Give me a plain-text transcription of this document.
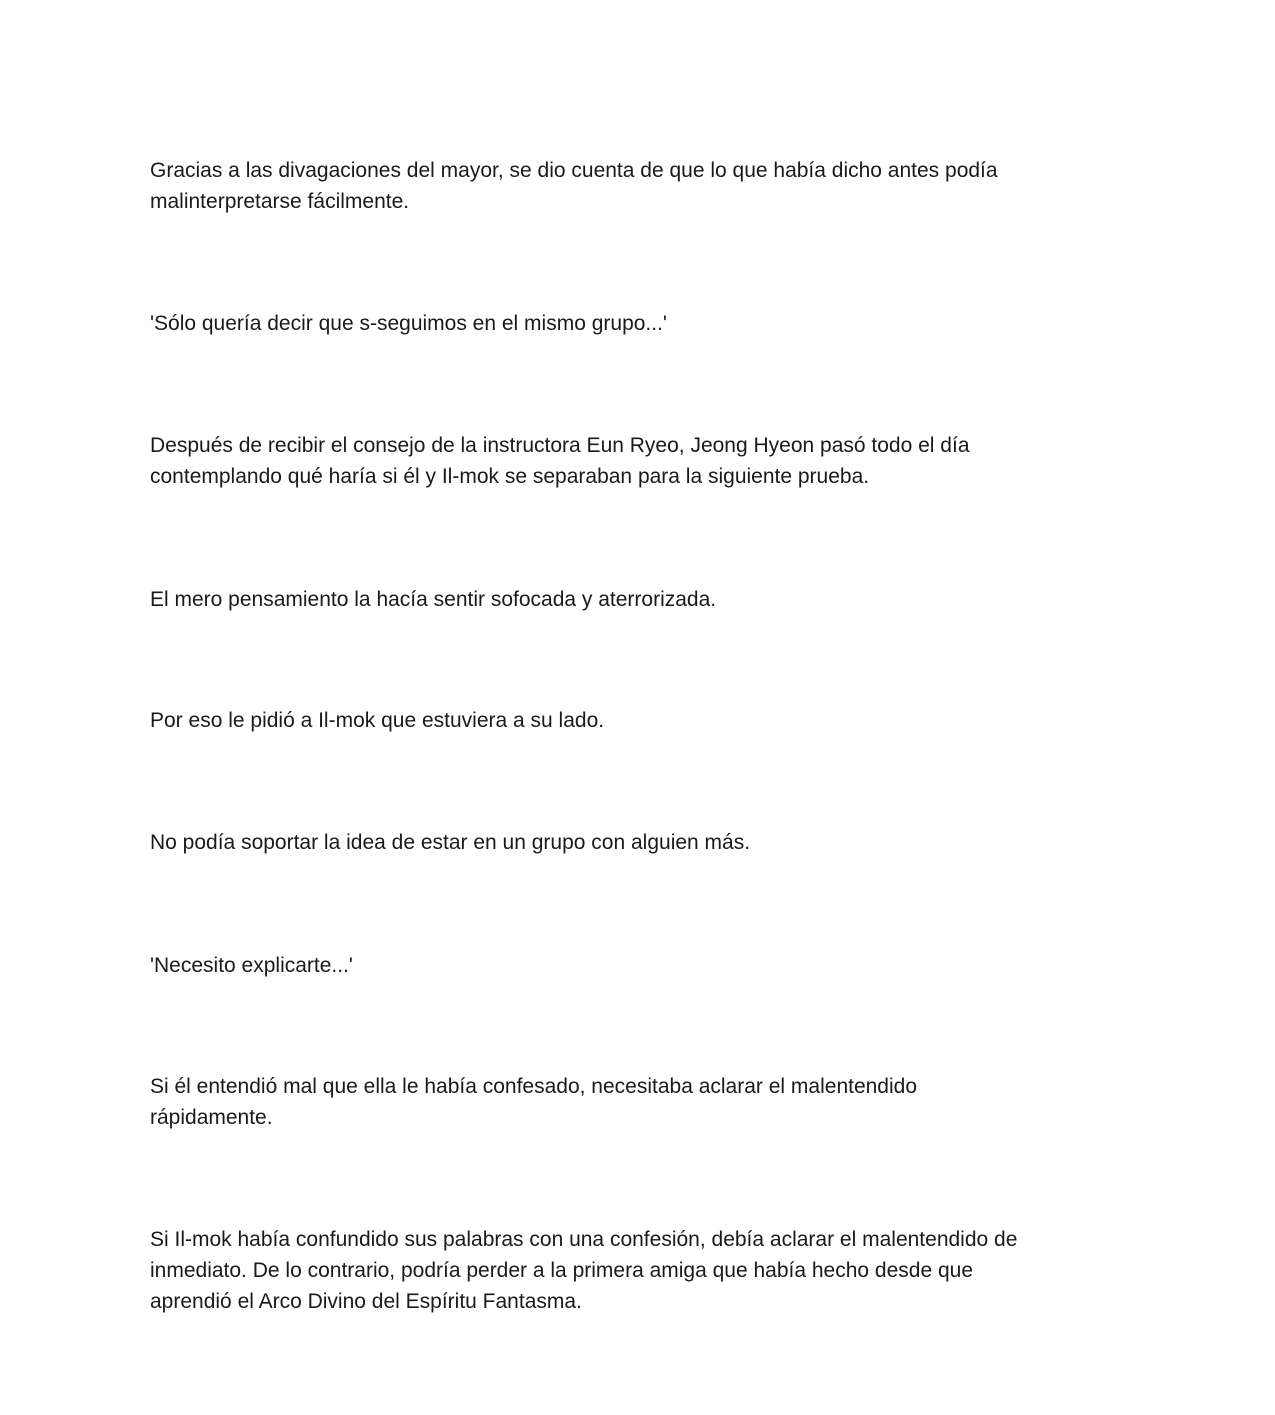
Gracias a las divagaciones del mayor, se dio cuenta de que lo que había dicho antes podía
malinterpretarse fácilmente.

'Sólo quería decir que s-seguimos en el mismo grupo...'

Después de recibir el consejo de la instructora Eun Ryeo, Jeong Hyeon pasó todo el día
contemplando qué haría si él y Il-mok se separaban para la siguiente prueba.

El mero pensamiento la hacía sentir sofocada y aterrorizada.

Por eso le pidió a Il-mok que estuviera a su lado.

No podía soportar la idea de estar en un grupo con alguien más.

'Necesito explicarte...'

Si él entendió mal que ella le había confesado, necesitaba aclarar el malentendido
rápidamente.

Si Il-mok había confundido sus palabras con una confesión, debía aclarar el malentendido de
inmediato. De lo contrario, podría perder a la primera amiga que había hecho desde que
aprendió el Arco Divino del Espíritu Fantasma.
